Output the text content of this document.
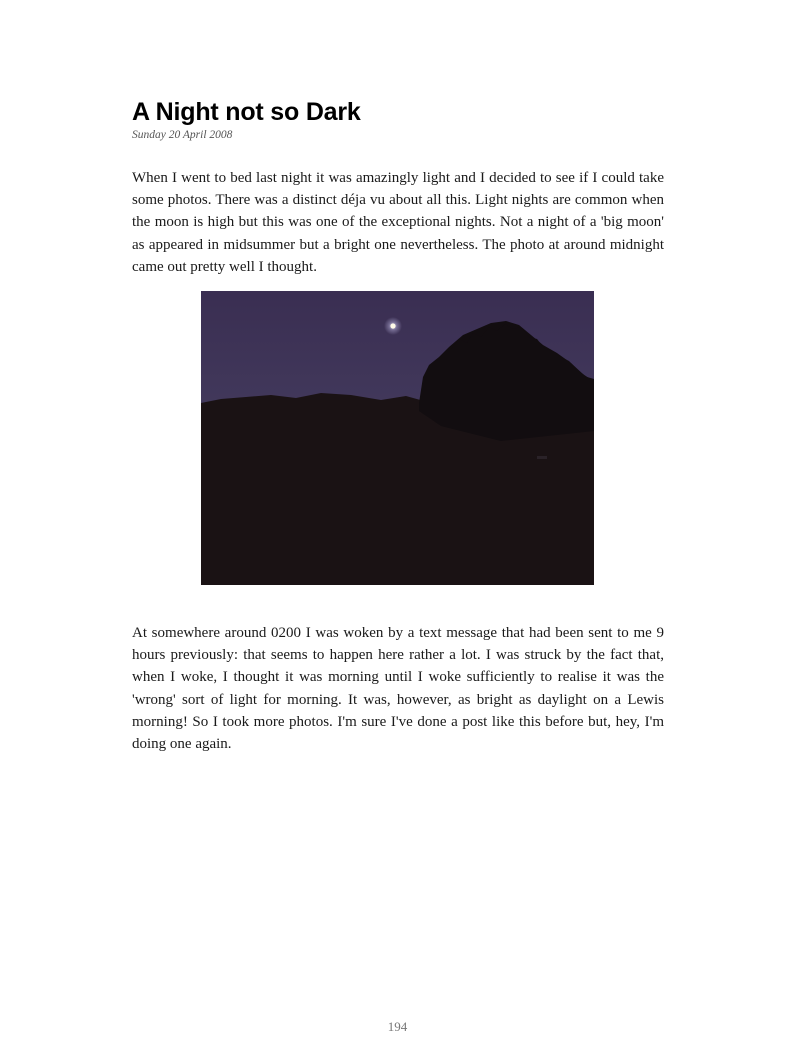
A Night not so Dark
Sunday 20 April 2008

When I went to bed last night it was amazingly light and I decided to see if I could take some photos. There was a distinct déja vu about all this. Light nights are common when the moon is high but this was one of the exceptional nights. Not a night of a 'big moon' as appeared in midsummer but a bright one nevertheless. The photo at around midnight came out pretty well I thought.

At somewhere around 0200 I was woken by a text message that had been sent to me 9 hours previously: that seems to happen here rather a lot. I was struck by the fact that, when I woke, I thought it was morning until I woke sufficiently to realise it was the 'wrong' sort of light for morning. It was, however, as bright as daylight on a Lewis morning! So I took more photos. I'm sure I've done a post like this before but, hey, I'm doing one again.

194
